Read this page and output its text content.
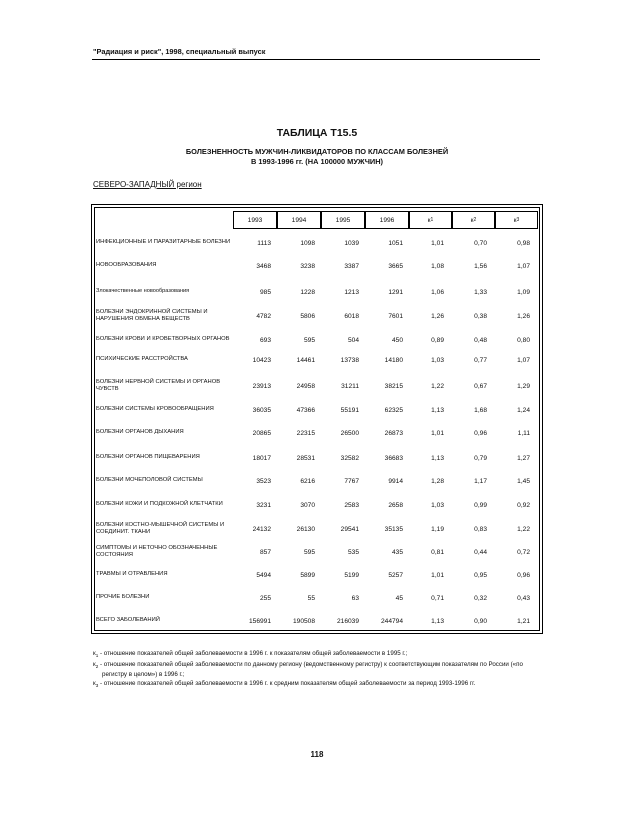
"Радиация и риск", 1998, специальный выпуск
ТАБЛИЦА Т15.5
БОЛЕЗНЕННОСТЬ МУЖЧИН-ЛИКВИДАТОРОВ ПО КЛАССАМ БОЛЕЗНЕЙ
В 1993-1996 гг. (НА 100000 МУЖЧИН)
СЕВЕРО-ЗАПАДНЫЙ регион
1993	1994	1995	1996	к 1	к 2	к 3
ИНФЕКЦИОННЫЕ И ПАРАЗИТАРНЫЕ БОЛЕЗНИ	1113	1098	1039	1051	1,01	0,70	0,98
НОВООБРАЗОВАНИЯ	3468	3238	3387	3665	1,08	1,56	1,07
Злокачественные новообразования	985	1228	1213	1291	1,06	1,33	1,09
БОЛЕЗНИ ЭНДОКРИННОЙ СИСТЕМЫ И НАРУШЕНИЯ ОБМЕНА ВЕЩЕСТВ	4782	5806	6018	7601	1,26	0,38	1,26
БОЛЕЗНИ КРОВИ И КРОВЕТВОРНЫХ ОРГАНОВ	693	595	504	450	0,89	0,48	0,80
ПСИХИЧЕСКИЕ РАССТРОЙСТВА	10423	14461	13738	14180	1,03	0,77	1,07
БОЛЕЗНИ НЕРВНОЙ СИСТЕМЫ И ОРГАНОВ ЧУВСТВ	23913	24958	31211	38215	1,22	0,67	1,29
БОЛЕЗНИ СИСТЕМЫ КРОВООБРАЩЕНИЯ	36035	47366	55191	62325	1,13	1,68	1,24
БОЛЕЗНИ ОРГАНОВ ДЫХАНИЯ	20865	22315	26500	26873	1,01	0,96	1,11
БОЛЕЗНИ ОРГАНОВ ПИЩЕВАРЕНИЯ	18017	28531	32582	36683	1,13	0,79	1,27
БОЛЕЗНИ МОЧЕПОЛОВОЙ СИСТЕМЫ	3523	6216	7767	9914	1,28	1,17	1,45
БОЛЕЗНИ КОЖИ И ПОДКОЖНОЙ КЛЕТЧАТКИ	3231	3070	2583	2658	1,03	0,99	0,92
БОЛЕЗНИ КОСТНО-МЫШЕЧНОЙ СИСТЕМЫ И СОЕДИНИТ. ТКАНИ	24132	26130	29541	35135	1,19	0,83	1,22
СИМПТОМЫ И НЕТОЧНО ОБОЗНАЧЕННЫЕ СОСТОЯНИЯ	857	595	535	435	0,81	0,44	0,72
ТРАВМЫ И ОТРАВЛЕНИЯ	5494	5899	5199	5257	1,01	0,95	0,96
ПРОЧИЕ БОЛЕЗНИ	255	55	63	45	0,71	0,32	0,43
ВСЕГО ЗАБОЛЕВАНИЙ	156991	190508	216039	244794	1,13	0,90	1,21
$к_1$ - отношение показателей общей заболеваемости в 1996 г. к показателям общей заболеваемости в 1995 г.;
$к_2$ - отношение показателей общей заболеваемости по данному региону (ведомственному регистру) к соответствующим показателям по России («по регистру в целом») в 1996 г.;
$к_3$ - отношение показателей общей заболеваемости в 1996 г. к средним показателям общей заболеваемости за период 1993-1996 гг.
118
